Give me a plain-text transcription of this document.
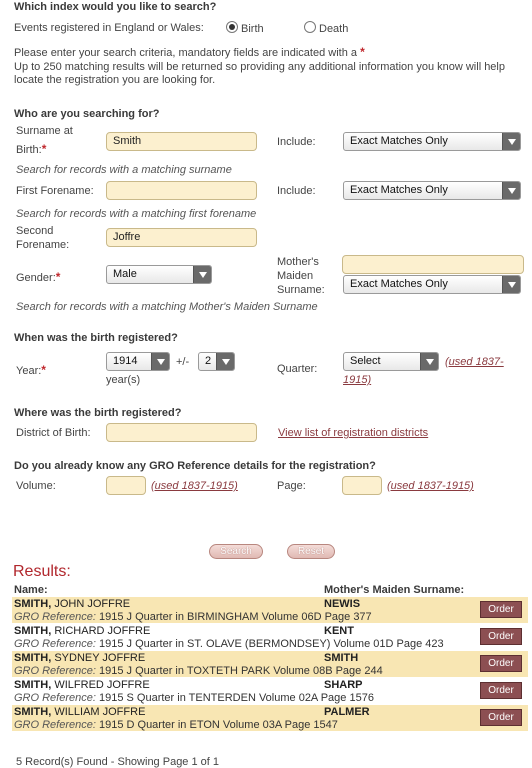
Which index would you like to search?
Events registered in England or Wales:	Birth	Death
Please enter your search criteria, mandatory fields are indicated with a *
Up to 250 matching results will be returned so providing any additional information you know will help
locate the registration you are looking for.
Who are you searching for?
Surname at
Birth:*
Smith	Include:	Exact Matches Only
Search for records with a matching surname
First Forename:	Include:	Exact Matches Only
Search for records with a matching first forename
Second
Forename:
Joffre
Gender:*	Male
Mother's
Maiden
Surname:	Exact Matches Only
Search for records with a matching Mother's Maiden Surname
When was the birth registered?
Year:*
1914	+/-	2
year(s)
Quarter:
Select	(used 1837-
1915)
Where was the birth registered?
District of Birth:	View list of registration districts
Do you already know any GRO Reference details for the registration?
Volume:	(used 1837-1915)	Page:	(used 1837-1915)
Search	Reset
Results:
Name:	Mother's Maiden Surname:
SMITH, JOHN JOFFRE
GRO Reference: 1915 J Quarter in BIRMINGHAM Volume 06D Page 377
NEWIS	Order
SMITH, RICHARD JOFFRE
GRO Reference: 1915 J Quarter in ST. OLAVE (BERMONDSEY) Volume 01D Page 423
KENT	Order
SMITH, SYDNEY JOFFRE
GRO Reference: 1915 J Quarter in TOXTETH PARK Volume 08B Page 244
SMITH	Order
SMITH, WILFRED JOFFRE
GRO Reference: 1915 S Quarter in TENTERDEN Volume 02A Page 1576
SHARP	Order
SMITH, WILLIAM JOFFRE
GRO Reference: 1915 D Quarter in ETON Volume 03A Page 1547
PALMER	Order
5 Record(s) Found - Showing Page 1 of 1
